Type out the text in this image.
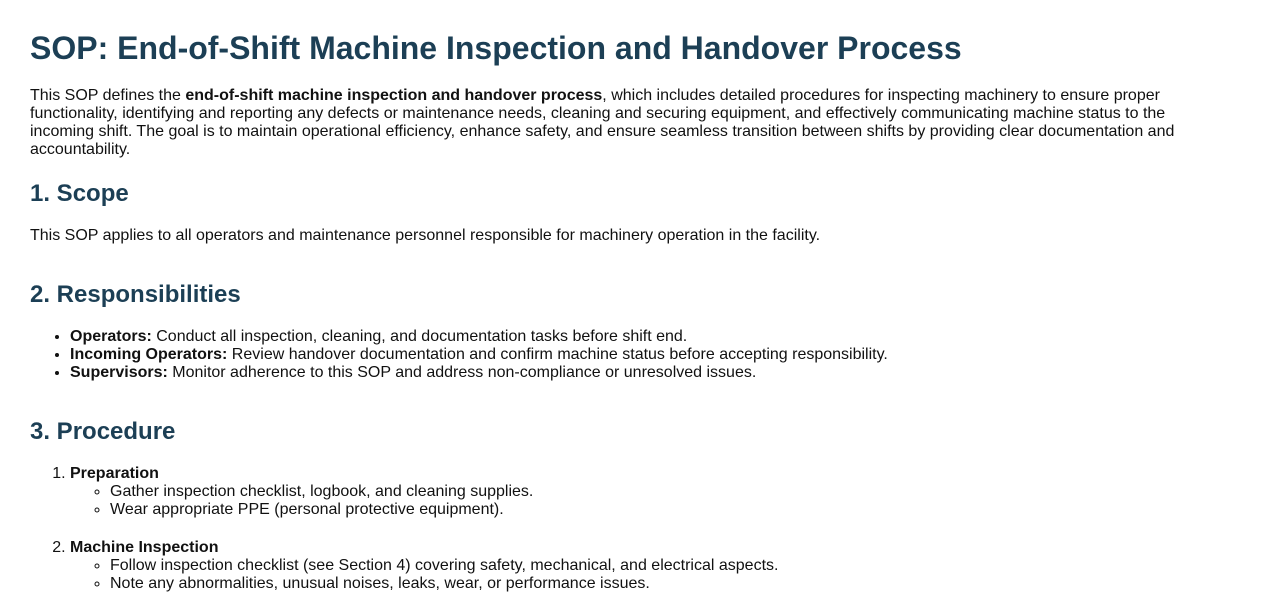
SOP: End-of-Shift Machine Inspection and Handover Process

This SOP defines the end-of-shift machine inspection and handover process, which includes detailed procedures for inspecting machinery to ensure proper functionality, identifying and reporting any defects or maintenance needs, cleaning and securing equipment, and effectively communicating machine status to the incoming shift. The goal is to maintain operational efficiency, enhance safety, and ensure seamless transition between shifts by providing clear documentation and accountability.

1. Scope

This SOP applies to all operators and maintenance personnel responsible for machinery operation in the facility.

2. Responsibilities
• Operators: Conduct all inspection, cleaning, and documentation tasks before shift end.
• Incoming Operators: Review handover documentation and confirm machine status before accepting responsibility.
• Supervisors: Monitor adherence to this SOP and address non-compliance or unresolved issues.
3. Procedure
1. Preparation
◦ Gather inspection checklist, logbook, and cleaning supplies.
◦ Wear appropriate PPE (personal protective equipment).
2. Machine Inspection
◦ Follow inspection checklist (see Section 4) covering safety, mechanical, and electrical aspects.
◦ Note any abnormalities, unusual noises, leaks, wear, or performance issues.
